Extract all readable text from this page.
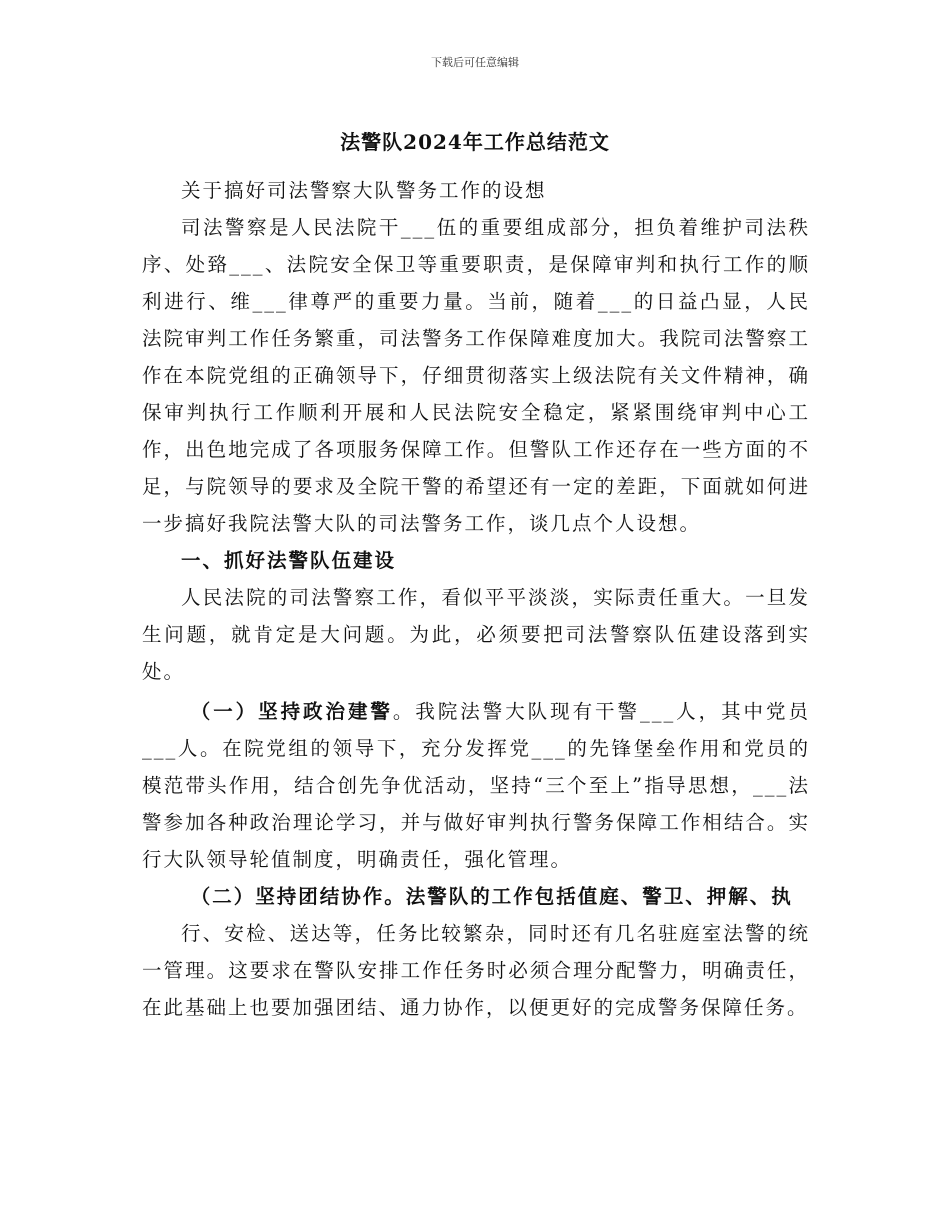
下载后可任意编辑
法警队2024年工作总结范文

关于搞好司法警察大队警务工作的设想

司法警察是人民法院干___伍的重要组成部分，担负着维护司法秩序、处臵___、法院安全保卫等重要职责，是保障审判和执行工作的顺利进行、维___律尊严的重要力量。当前，随着___的日益凸显，人民法院审判工作任务繁重，司法警务工作保障难度加大。我院司法警察工作在本院党组的正确领导下，仔细贯彻落实上级法院有关文件精神，确保审判执行工作顺利开展和人民法院安全稳定，紧紧围绕审判中心工作，出色地完成了各项服务保障工作。但警队工作还存在一些方面的不足，与院领导的要求及全院干警的希望还有一定的差距，下面就如何进一步搞好我院法警大队的司法警务工作，谈几点个人设想。

一、抓好法警队伍建设

人民法院的司法警察工作，看似平平淡淡，实际责任重大。一旦发生问题，就肯定是大问题。为此，必须要把司法警察队伍建设落到实处。

（一）坚持政治建警。我院法警大队现有干警___人，其中党员___人。在院党组的领导下，充分发挥党___的先锋堡垒作用和党员的模范带头作用，结合创先争优活动，坚持“三个至上”指导思想，___法警参加各种政治理论学习，并与做好审判执行警务保障工作相结合。实行大队领导轮值制度，明确责任，强化管理。

（二）坚持团结协作。法警队的工作包括值庭、警卫、押解、执

行、安检、送达等，任务比较繁杂，同时还有几名驻庭室法警的统一管理。这要求在警队安排工作任务时必须合理分配警力，明确责任，在此基础上也要加强团结、通力协作，以便更好的完成警务保障任务。
